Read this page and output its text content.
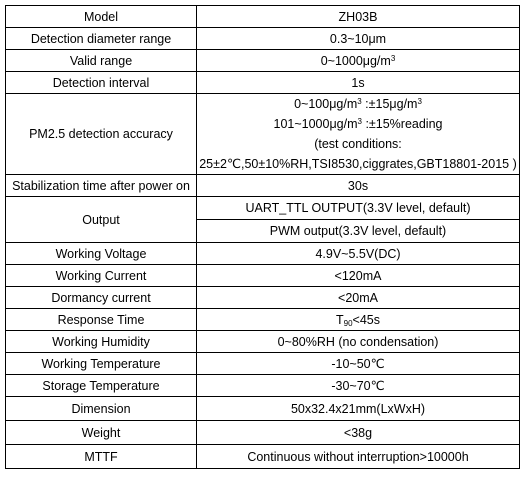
Model	ZH03B
Detection diameter range	0.3~10μm
Valid range	$0\sim 1000\mu g/m^3$
Detection interval	1s
PM2.5 detection accuracy	$0\sim 100\mu g/m^3$ $:\pm 15\mu g/m^3$
$101\sim 1000\mu g/m^3$ :±15%reading
(test conditions:
25±2℃,50±10%RH,TSI8530,ciggrates,GBT18801-2015 )

Stabilization time after power on	30s
Output	UART_TTL OUTPUT(3.3V level, default)
	PWM output(3.3V level, default)
Working Voltage	4.9V~5.5V(DC)
Working Current	<120mA
Dormancy current	<20mA
Response Time	$T_{90}<45s$
Working Humidity	0~80%RH (no condensation)
Working Temperature	-10~50℃
Storage Temperature	-30~70℃
Dimension	50x32.4x21mm(LxWxH)
Weight	<38g
MTTF	Continuous without interruption>10000h
